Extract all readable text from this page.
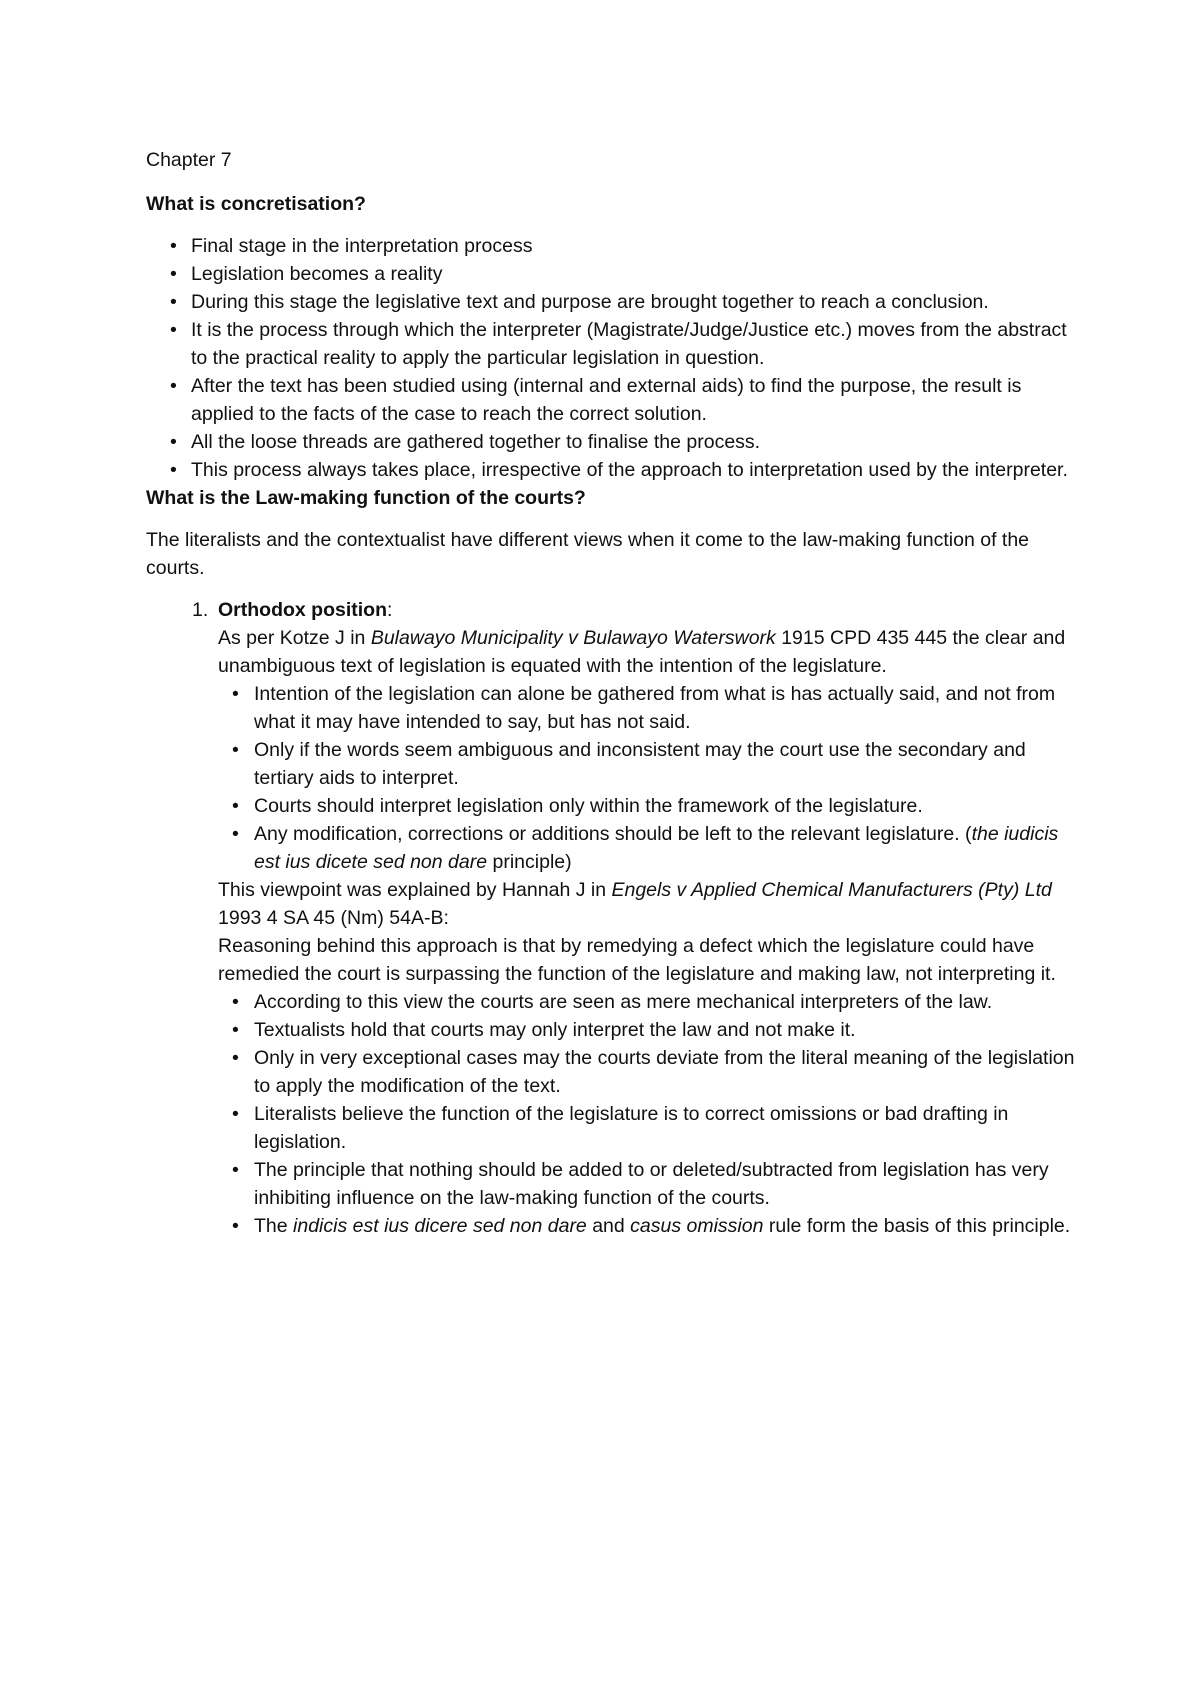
Chapter 7

What is concretisation?

• Final stage in the interpretation process
• Legislation becomes a reality
• During this stage the legislative text and purpose are brought together to reach a conclusion.
• It is the process through which the interpreter (Magistrate/Judge/Justice etc.) moves from the abstract to the practical reality to apply the particular legislation in question.
• After the text has been studied using (internal and external aids) to find the purpose, the result is applied to the facts of the case to reach the correct solution.
• All the loose threads are gathered together to finalise the process.
• This process always takes place, irrespective of the approach to interpretation used by the interpreter.

What is the Law-making function of the courts?

The literalists and the contextualist have different views when it come to the law-making function of the courts.

1. Orthodox position:

As per Kotze J in Bulawayo Municipality v Bulawayo Waterswork 1915 CPD 435 445 the clear and unambiguous text of legislation is equated with the intention of the legislature.

• Intention of the legislation can alone be gathered from what is has actually said, and not from what it may have intended to say, but has not said.
• Only if the words seem ambiguous and inconsistent may the court use the secondary and tertiary aids to interpret.
• Courts should interpret legislation only within the framework of the legislature.
• Any modification, corrections or additions should be left to the relevant legislature. (the iudicis est ius dicete sed non dare principle)

This viewpoint was explained by Hannah J in Engels v Applied Chemical Manufacturers (Pty) Ltd 1993 4 SA 45 (Nm) 54A-B:

Reasoning behind this approach is that by remedying a defect which the legislature could have remedied the court is surpassing the function of the legislature and making law, not interpreting it.

• According to this view the courts are seen as mere mechanical interpreters of the law.
• Textualists hold that courts may only interpret the law and not make it.
• Only in very exceptional cases may the courts deviate from the literal meaning of the legislation to apply the modification of the text.
• Literalists believe the function of the legislature is to correct omissions or bad drafting in legislation.
• The principle that nothing should be added to or deleted/subtracted from legislation has very inhibiting influence on the law-making function of the courts.
• The indicis est ius dicere sed non dare and casus omission rule form the basis of this principle.
